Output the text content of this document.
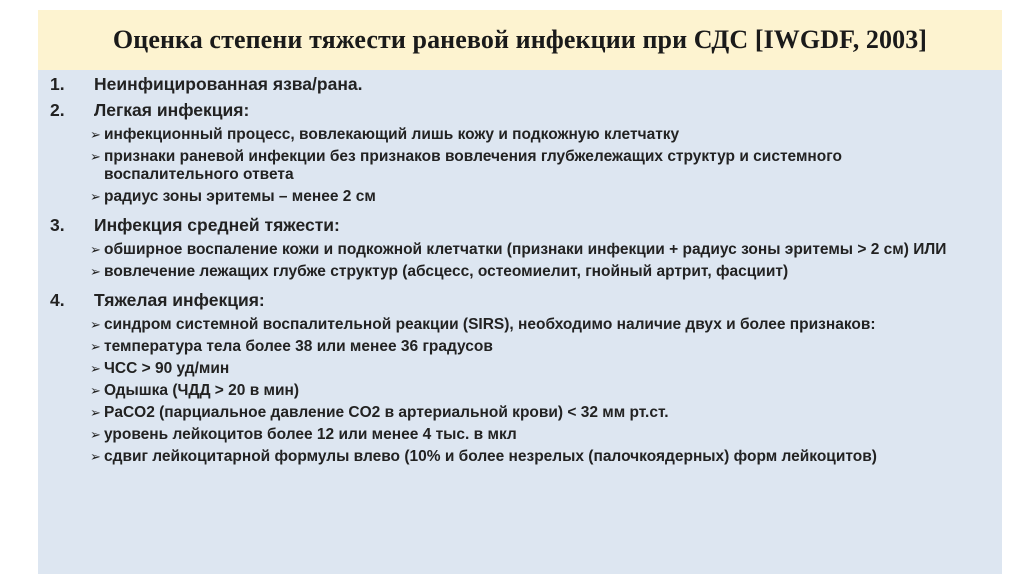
Оценка степени тяжести раневой инфекции при СДС [IWGDF, 2003]
1.	Неинфицированная язва/рана.
2.	Легкая инфекция:
➢ инфекционный процесс, вовлекающий лишь кожу и подкожную клетчатку
➢ признаки раневой инфекции без признаков вовлечения глубжележащих структур и системного воспалительного ответа
➢ радиус зоны эритемы – менее 2 см
3.	Инфекция средней тяжести:
➢ обширное воспаление кожи и подкожной клетчатки (признаки инфекции + радиус зоны эритемы > 2 см) ИЛИ
➢ вовлечение лежащих глубже структур (абсцесс, остеомиелит, гнойный артрит, фасциит)
4.	Тяжелая инфекция:
➢ синдром системной воспалительной реакции (SIRS), необходимо наличие двух и более признаков:
➢ температура тела более 38 или менее 36 градусов
➢ ЧСС > 90 уд/мин
➢ Одышка (ЧДД > 20 в мин)
➢ PaCO2 (парциальное давление CO2 в артериальной крови) < 32 мм рт.ст.
➢ уровень лейкоцитов более 12 или менее 4 тыс. в мкл
➢ сдвиг лейкоцитарной формулы влево (10% и более незрелых (палочкоядерных) форм лейкоцитов)
